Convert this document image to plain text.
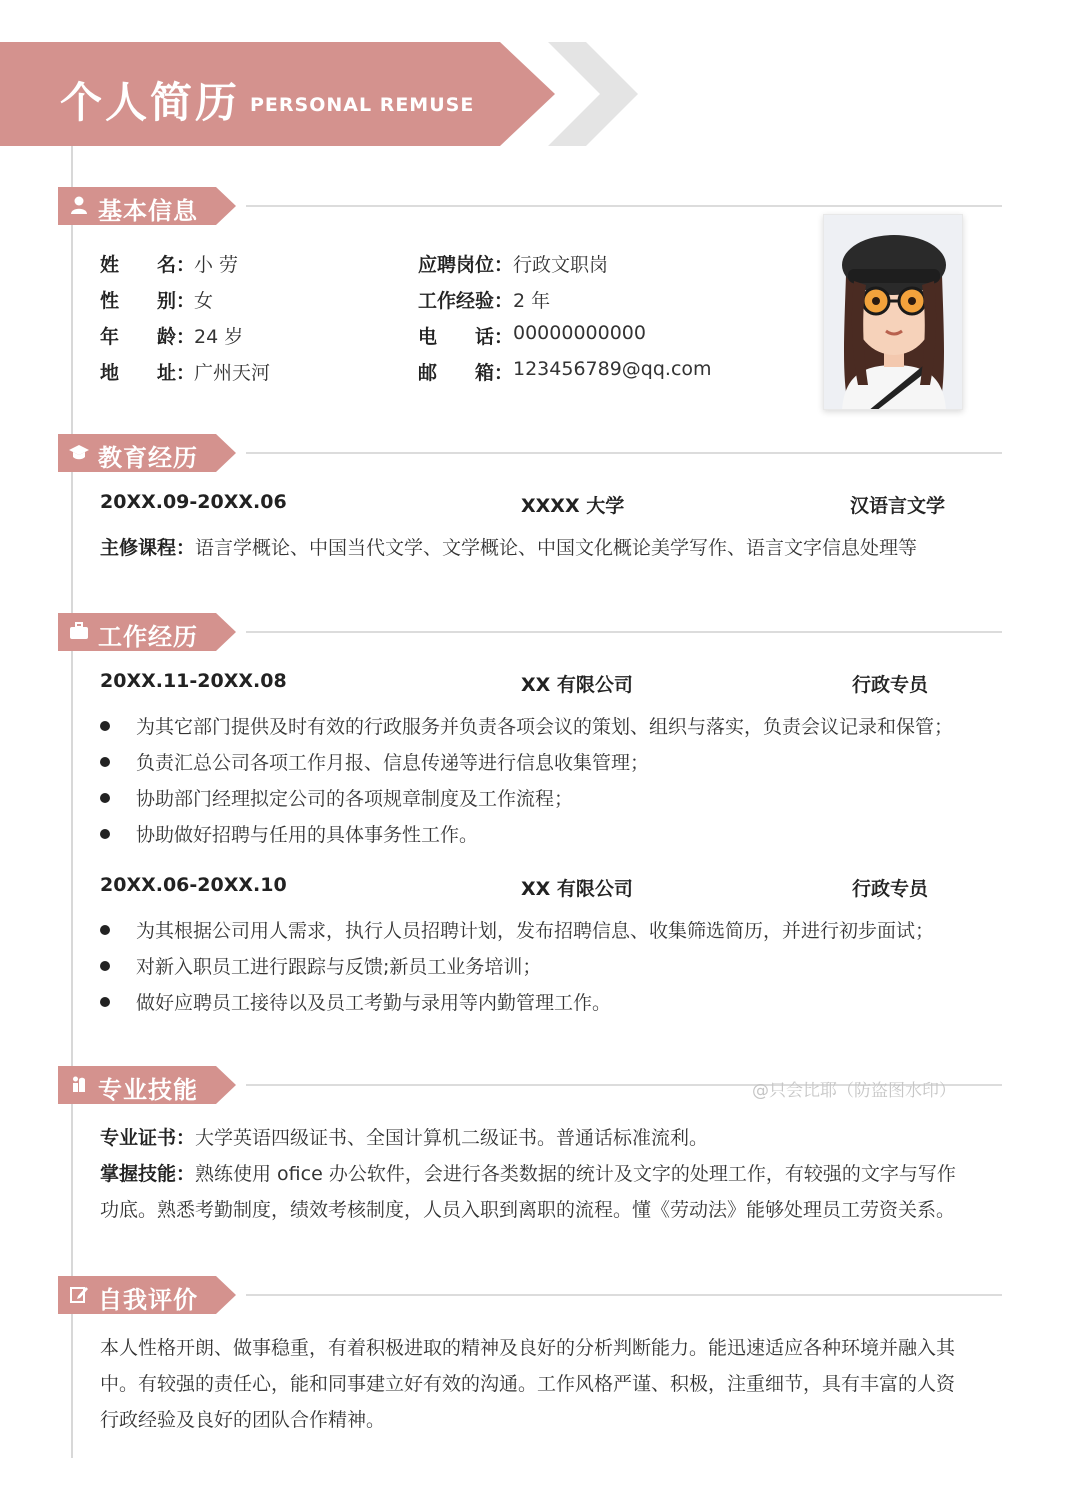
个人简历 PERSONAL REMUSE
基本信息
姓　　名：
小 劳
性　　别：
女
年　　龄：
24 岁
地　　址：
广州天河
应聘岗位： 行政文职岗
工作经验： 2 年
电　　话： 00000000000
邮　　箱： 123456789@qq.com
教育经历
20XX.09-20XX.06	XXXX 大学	汉语言文学
主修课程：语言学概论、中国当代文学、文学概论、中国文化概论美学写作、语言文字信息处理等
工作经历
20XX.11-20XX.08	XX 有限公司	行政专员
为其它部门提供及时有效的行政服务并负责各项会议的策划、组织与落实，负责会议记录和保管；
负责汇总公司各项工作月报、信息传递等进行信息收集管理；
协助部门经理拟定公司的各项规章制度及工作流程；
协助做好招聘与任用的具体事务性工作。
20XX.06-20XX.10	XX 有限公司	行政专员
为其根据公司用人需求，执行人员招聘计划，发布招聘信息、收集筛选简历，并进行初步面试；
对新入职员工进行跟踪与反馈;新员工业务培训；
做好应聘员工接待以及员工考勤与录用等内勤管理工作。
专业技能	@只会比耶（防盗图水印）
专业证书：大学英语四级证书、全国计算机二级证书。普通话标准流利。
掌握技能：熟练使用 ofice 办公软件，会进行各类数据的统计及文字的处理工作，有较强的文字与写作
功底。熟悉考勤制度，绩效考核制度，人员入职到离职的流程。懂《劳动法》能够处理员工劳资关系。
自我评价
本人性格开朗、做事稳重，有着积极进取的精神及良好的分析判断能力。能迅速适应各种环境并融入其
中。有较强的责任心，能和同事建立好有效的沟通。工作风格严谨、积极，注重细节，具有丰富的人资
行政经验及良好的团队合作精神。
